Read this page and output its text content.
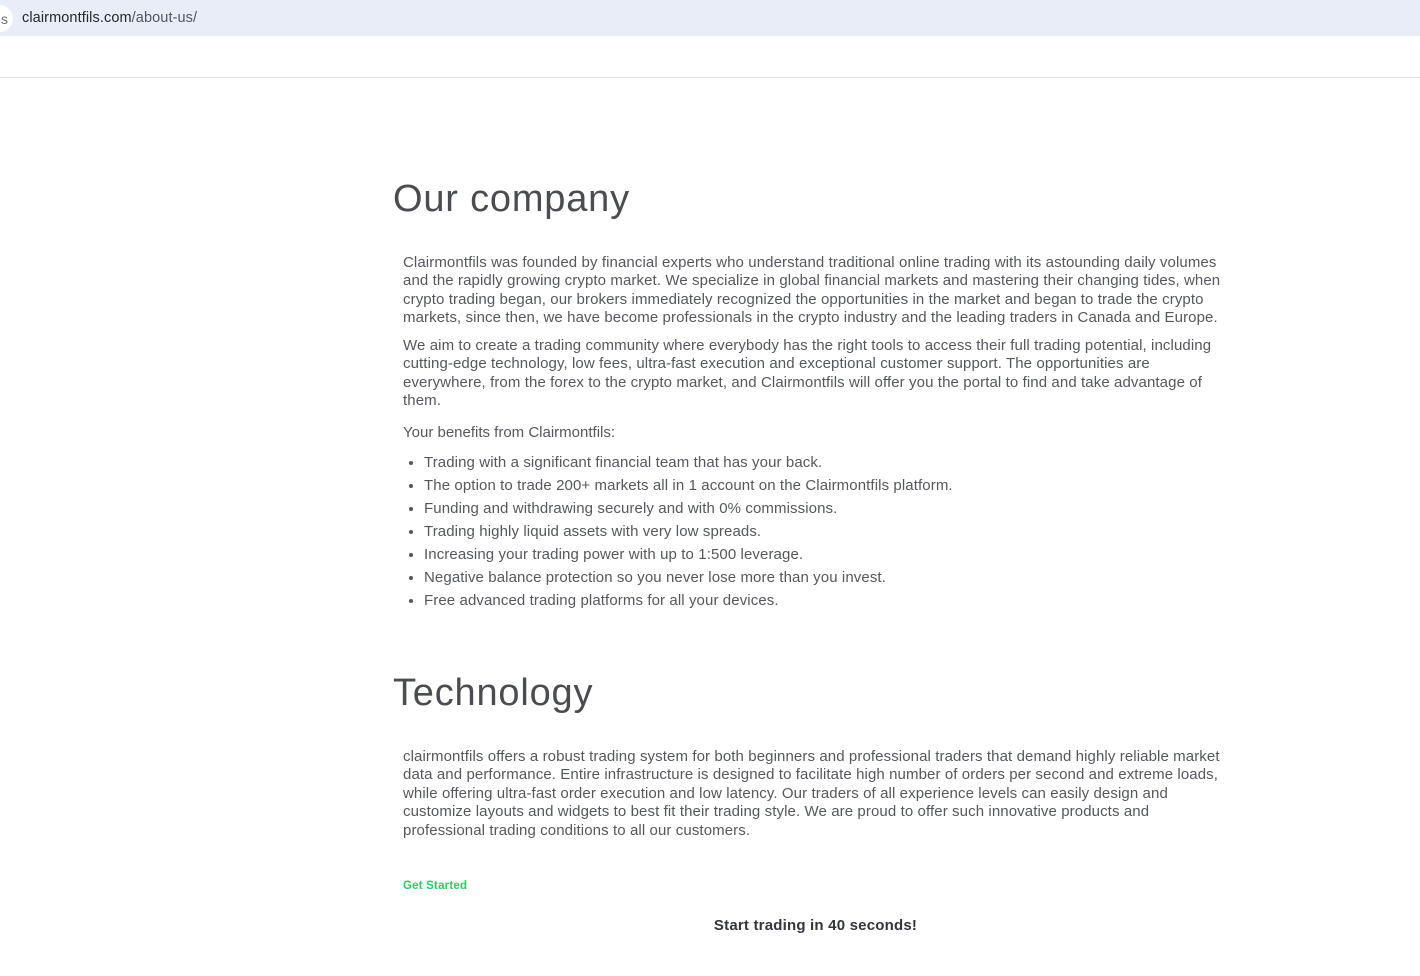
s clairmontfils.com/about-us/
Our company

Clairmontfils was founded by financial experts who understand traditional online trading with its astounding daily volumes and the rapidly growing crypto market. We specialize in global financial markets and mastering their changing tides, when crypto trading began, our brokers immediately recognized the opportunities in the market and began to trade the crypto markets, since then, we have become professionals in the crypto industry and the leading traders in Canada and Europe.

We aim to create a trading community where everybody has the right tools to access their full trading potential, including cutting-edge technology, low fees, ultra-fast execution and exceptional customer support. The opportunities are everywhere, from the forex to the crypto market, and Clairmontfils will offer you the portal to find and take advantage of them.

Your benefits from Clairmontfils:

Trading with a significant financial team that has your back.
The option to trade 200+ markets all in 1 account on the Clairmontfils platform.
Funding and withdrawing securely and with 0% commissions.
Trading highly liquid assets with very low spreads.
Increasing your trading power with up to 1:500 leverage.
Negative balance protection so you never lose more than you invest.
Free advanced trading platforms for all your devices.
Technology

clairmontfils offers a robust trading system for both beginners and professional traders that demand highly reliable market data and performance. Entire infrastructure is designed to facilitate high number of orders per second and extreme loads, while offering ultra-fast order execution and low latency. Our traders of all experience levels can easily design and customize layouts and widgets to best fit their trading style. We are proud to offer such innovative products and professional trading conditions to all our customers.

Get Started
Start trading in 40 seconds!
